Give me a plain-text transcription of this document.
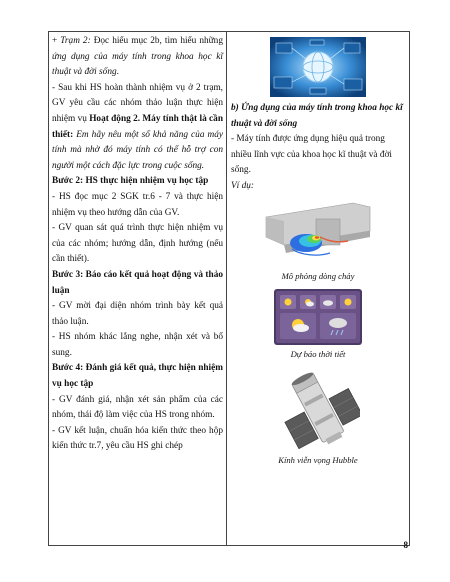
+ Trạm 2: Đọc hiểu mục 2b, tìm hiểu những ứng dụng của máy tính trong khoa học kĩ thuật và đời sống.

- Sau khi HS hoàn thành nhiệm vụ ở 2 trạm, GV yêu cầu các nhóm thảo luận thực hiện nhiệm vụ Hoạt động 2. Máy tính thật là cần thiết: Em hãy nêu một số khả năng của máy tính mà nhờ đó máy tính có thể hỗ trợ con người một cách đặc lực trong cuộc sống.

Bước 2: HS thực hiện nhiệm vụ học tập

- HS đọc mục 2 SGK tr.6 - 7 và thực hiện nhiệm vụ theo hướng dẫn của GV.

- GV quan sát quá trình thực hiện nhiệm vụ của các nhóm; hướng dẫn, định hướng (nếu cần thiết).

Bước 3: Báo cáo kết quả hoạt động và thảo luận

- GV mời đại diện nhóm trình bày kết quả thảo luận.

- HS nhóm khác lắng nghe, nhận xét và bổ sung.

Bước 4: Đánh giá kết quả, thực hiện nhiệm vụ học tập

- GV đánh giá, nhận xét sản phẩm của các nhóm, thái độ làm việc của HS trong nhóm.

- GV kết luận, chuẩn hóa kiến thức theo hộp kiến thức tr.7, yêu cầu HS ghi chép

b) Ứng dụng của máy tính trong khoa học kĩ thuật và đời sống

- Máy tính được ứng dụng hiệu quả trong nhiều lĩnh vực của khoa học kĩ thuật và đời sống.

Ví dụ:

Mô phỏng dòng chảy

Dự báo thời tiết

Kính viễn vọng Hubble

8
